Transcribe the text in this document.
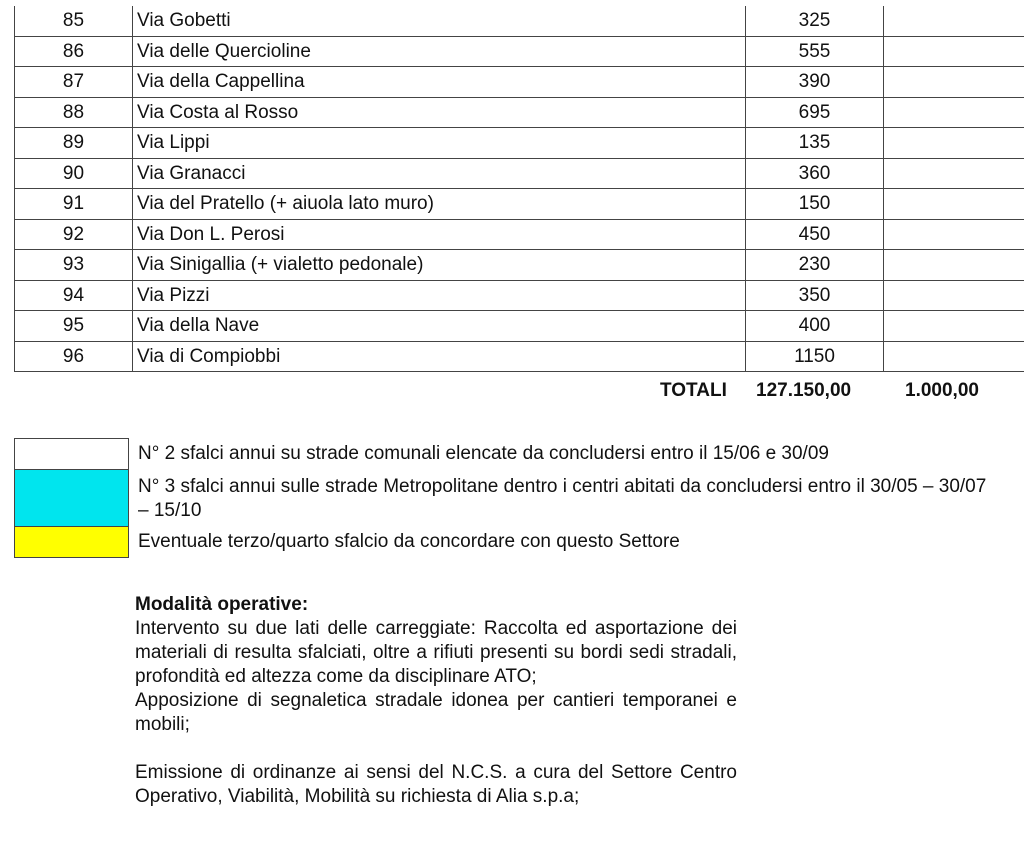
85	Via Gobetti	325	
86	Via delle Quercioline	555	
87	Via della Cappellina	390	
88	Via Costa al Rosso	695	
89	Via Lippi	135	
90	Via Granacci	360	
91	Via del Pratello (+ aiuola lato muro)	150	
92	Via Don L. Perosi	450	
93	Via Sinigallia (+ vialetto pedonale)	230	
94	Via Pizzi	350	
95	Via della Nave	400	
96	Via di Compiobbi	1150	
TOTALI 127.150,00	1.000,00
N° 2 sfalci annui su strade comunali elencate da concludersi entro il 15/06 e 30/09
N° 3 sfalci annui sulle strade Metropolitane dentro i centri abitati da concludersi entro il 30/05 – 30/07 – 15/10
Eventuale terzo/quarto sfalcio da concordare con questo Settore

Modalità operative:

Intervento su due lati delle carreggiate: Raccolta ed asportazione dei materiali di resulta sfalciati, oltre a rifiuti presenti su bordi sedi stradali, profondità ed altezza come da disciplinare ATO;

Apposizione di segnaletica stradale idonea per cantieri temporanei e mobili;

Emissione di ordinanze ai sensi del N.C.S. a cura del Settore Centro Operativo, Viabilità, Mobilità su richiesta di Alia s.p.a;
